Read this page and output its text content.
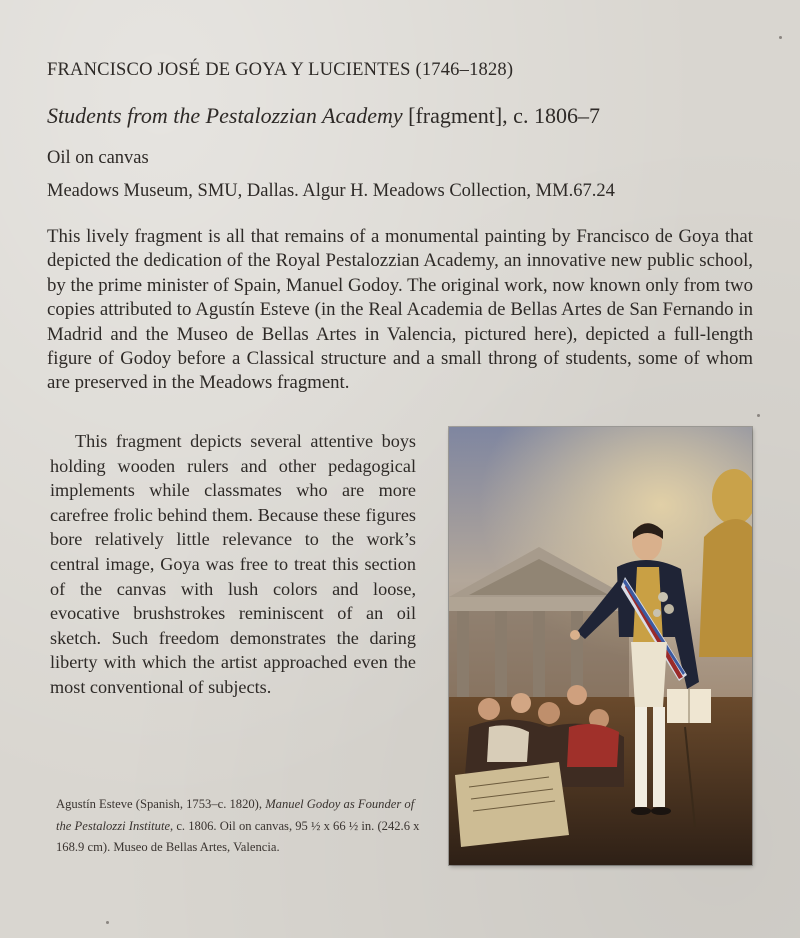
FRANCISCO JOSÉ DE GOYA Y LUCIENTES (1746–1828)
Students from the Pestalozzian Academy [fragment], c. 1806–7
Oil on canvas
Meadows Museum, SMU, Dallas. Algur H. Meadows Collection, MM.67.24
This lively fragment is all that remains of a monumental painting by Francisco de Goya that depicted the dedication of the Royal Pestalozzian Academy, an innovative new public school, by the prime minister of Spain, Manuel Godoy. The original work, now known only from two copies attributed to Agustín Esteve (in the Real Academia de Bellas Artes de San Fernando in Madrid and the Museo de Bellas Artes in Valencia, pictured here), depicted a full-length figure of Godoy before a Classical structure and a small throng of students, some of whom are preserved in the Meadows fragment.
This fragment depicts several attentive boys holding wooden rulers and other pedagogical implements while classmates who are more carefree frolic behind them. Because these figures bore relatively little relevance to the work’s central image, Goya was free to treat this section of the canvas with lush colors and loose, evocative brushstrokes reminiscent of an oil sketch. Such freedom demonstrates the daring liberty with which the artist approached even the most conventional of subjects.
Agustín Esteve (Spanish, 1753–c. 1820), Manuel Godoy as Founder of the Pestalozzi Institute, c. 1806. Oil on canvas, 95 ½ x 66 ½ in. (242.6 x 168.9 cm). Museo de Bellas Artes, Valencia.
